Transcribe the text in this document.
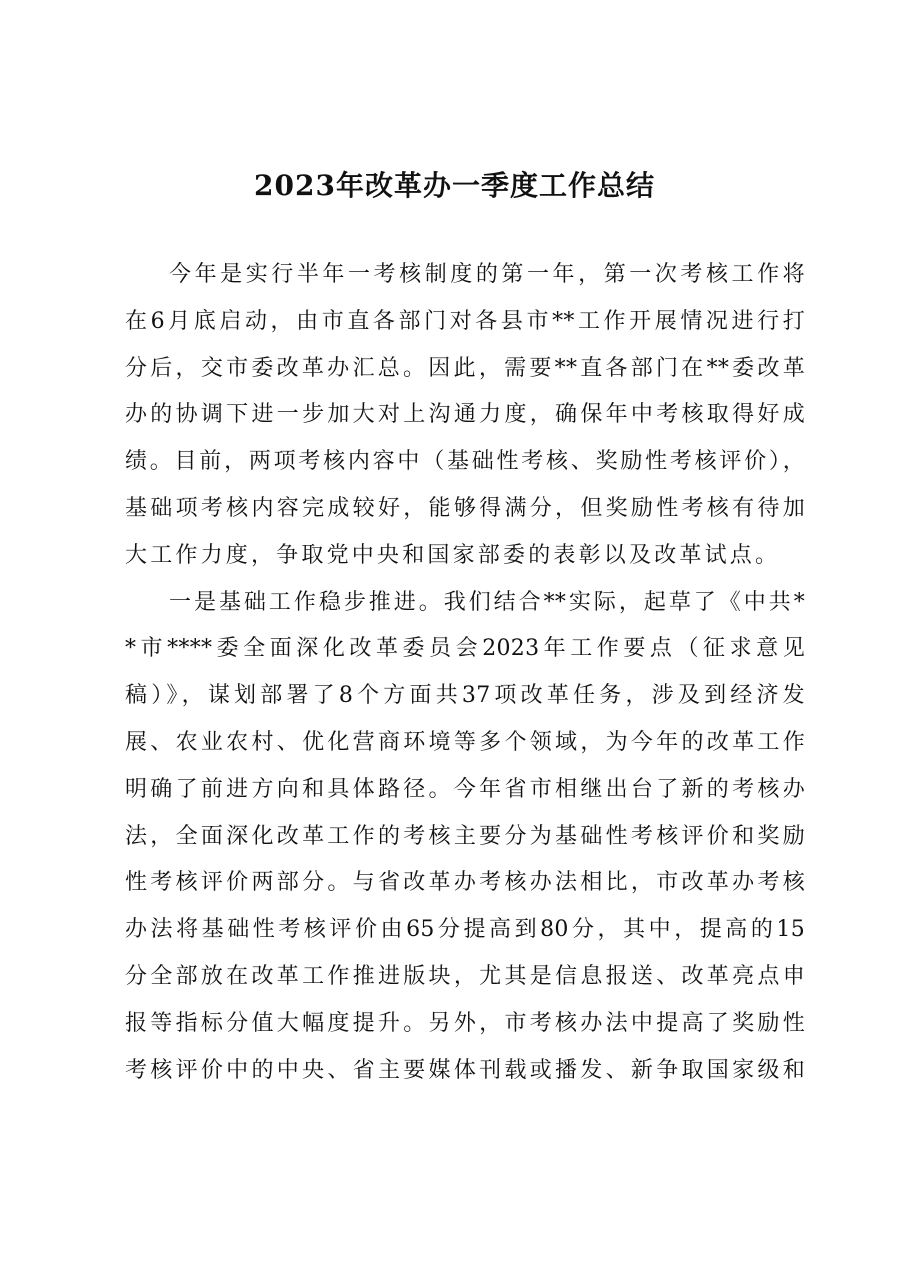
2023年改革办一季度工作总结
今年是实行半年一考核制度的第一年，第一次考核工作将
在6月底启动，由市直各部门对各县市**工作开展情况进行打
分后，交市委改革办汇总。因此，需要**直各部门在**委改革
办的协调下进一步加大对上沟通力度，确保年中考核取得好成
绩。目前，两项考核内容中（基础性考核、奖励性考核评价），
基础项考核内容完成较好，能够得满分，但奖励性考核有待加
大工作力度，争取党中央和国家部委的表彰以及改革试点。
一是基础工作稳步推进。我们结合**实际，起草了《中共*
*市****委全面深化改革委员会2023年工作要点（征求意见
稿）》，谋划部署了8个方面共37项改革任务，涉及到经济发
展、农业农村、优化营商环境等多个领域，为今年的改革工作
明确了前进方向和具体路径。今年省市相继出台了新的考核办
法，全面深化改革工作的考核主要分为基础性考核评价和奖励
性考核评价两部分。与省改革办考核办法相比，市改革办考核
办法将基础性考核评价由65分提高到80分，其中，提高的15
分全部放在改革工作推进版块，尤其是信息报送、改革亮点申
报等指标分值大幅度提升。另外，市考核办法中提高了奖励性
考核评价中的中央、省主要媒体刊载或播发、新争取国家级和
